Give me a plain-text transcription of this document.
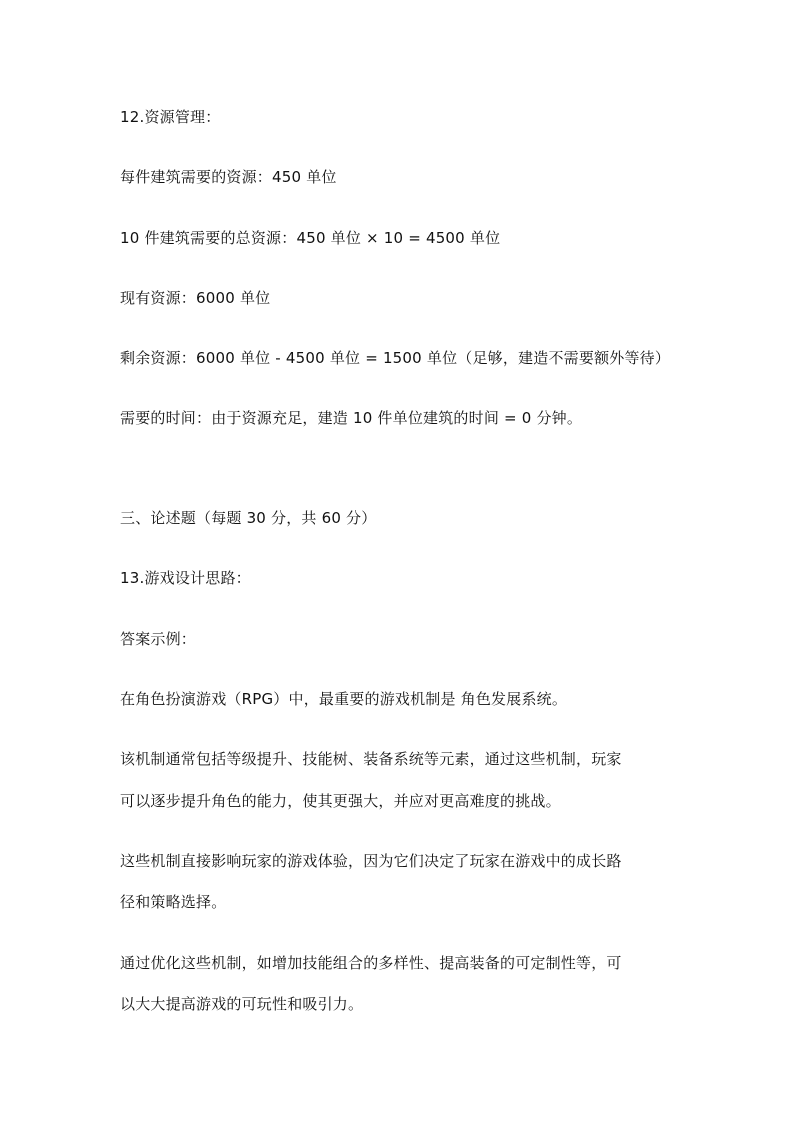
12.资源管理：
每件建筑需要的资源：450 单位
10 件建筑需要的总资源：450 单位 × 10 = 4500 单位
现有资源：6000 单位
剩余资源：6000 单位 - 4500 单位 = 1500 单位（足够，建造不需要额外等待）
需要的时间：由于资源充足，建造 10 件单位建筑的时间 = 0 分钟。
三、论述题（每题 30 分，共 60 分）
13.游戏设计思路：
答案示例：
在角色扮演游戏（RPG）中，最重要的游戏机制是 角色发展系统。
该机制通常包括等级提升、技能树、装备系统等元素，通过这些机制，玩家
可以逐步提升角色的能力，使其更强大，并应对更高难度的挑战。
这些机制直接影响玩家的游戏体验，因为它们决定了玩家在游戏中的成长路
径和策略选择。
通过优化这些机制，如增加技能组合的多样性、提高装备的可定制性等，可
以大大提高游戏的可玩性和吸引力。
